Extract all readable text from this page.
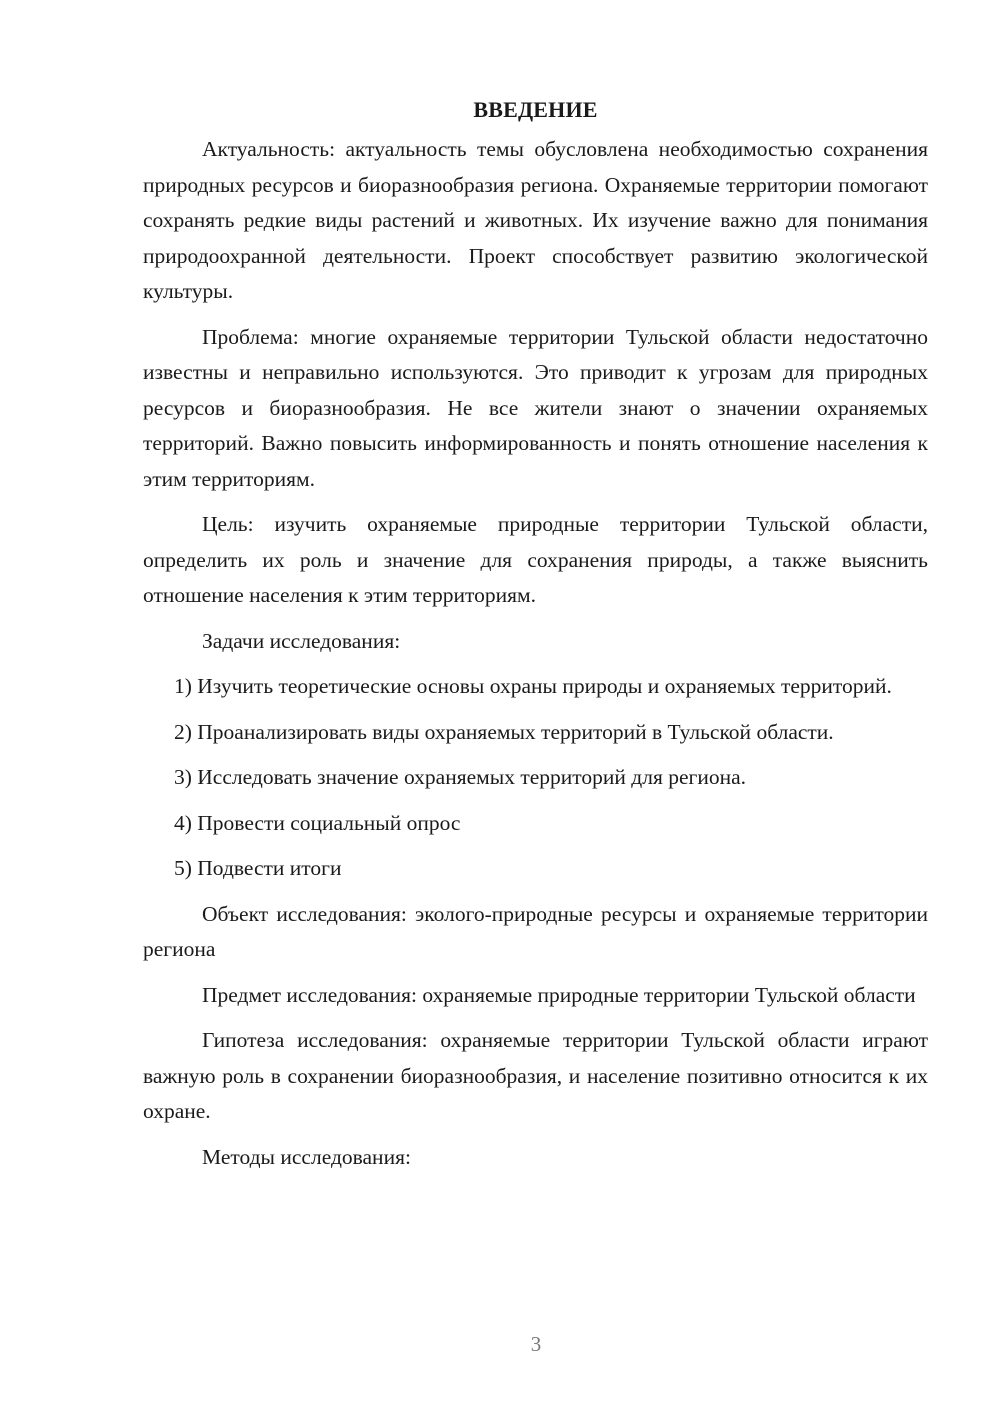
ВВЕДЕНИЕ

Актуальность: актуальность темы обусловлена необходимостью сохранения природных ресурсов и биоразнообразия региона. Охраняемые территории помогают сохранять редкие виды растений и животных. Их изучение важно для понимания природоохранной деятельности. Проект способствует развитию экологической культуры.

Проблема: многие охраняемые территории Тульской области недостаточно известны и неправильно используются. Это приводит к угрозам для природных ресурсов и биоразнообразия. Не все жители знают о значении охраняемых территорий. Важно повысить информированность и понять отношение населения к этим территориям.

Цель: изучить охраняемые природные территории Тульской области, определить их роль и значение для сохранения природы, а также выяснить отношение населения к этим территориям.

Задачи исследования:

1) Изучить теоретические основы охраны природы и охраняемых территорий.

2) Проанализировать виды охраняемых территорий в Тульской области.

3) Исследовать значение охраняемых территорий для региона.

4) Провести социальный опрос

5) Подвести итоги

Объект исследования: эколого-природные ресурсы и охраняемые территории региона

Предмет исследования: охраняемые природные территории Тульской области

Гипотеза исследования: охраняемые территории Тульской области играют важную роль в сохранении биоразнообразия, и население позитивно относится к их охране.

Методы исследования:

3
